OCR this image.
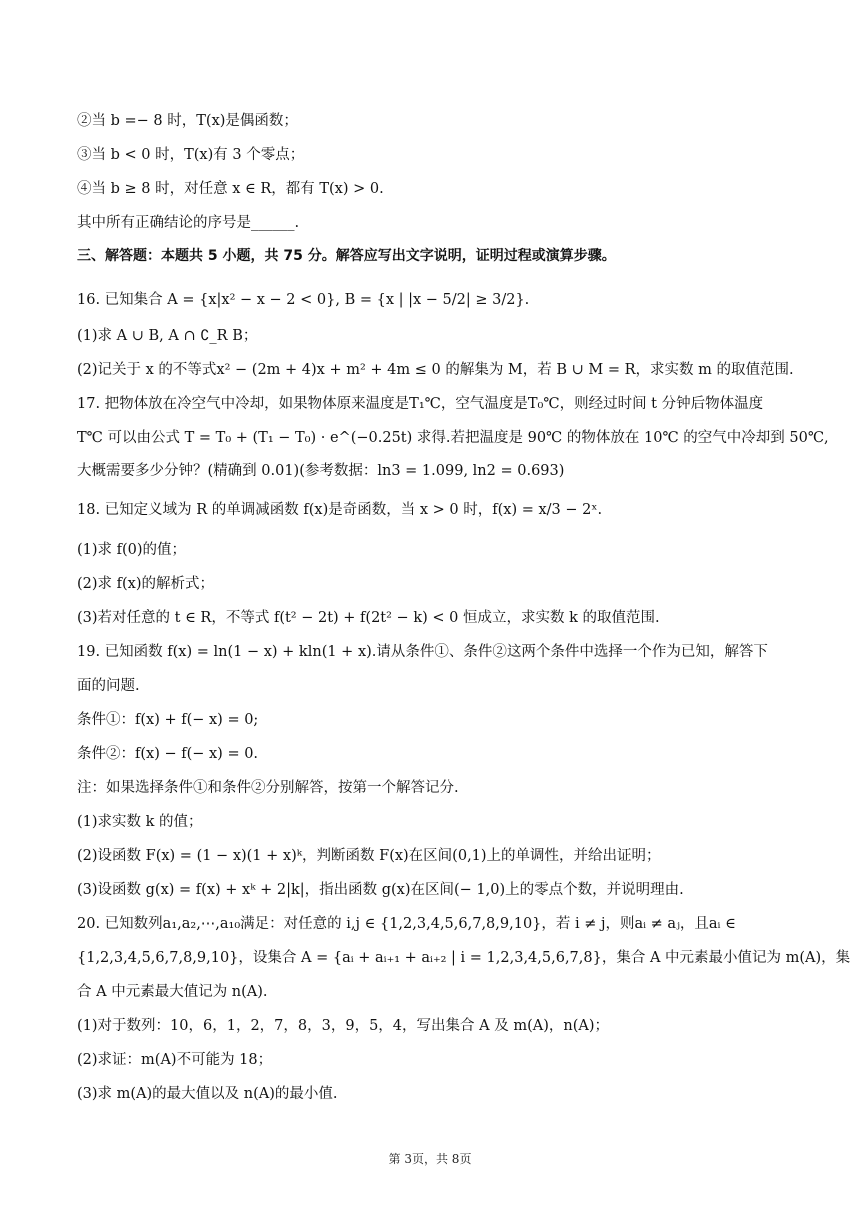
②当 b =− 8 时，T(x)是偶函数；
③当 b < 0 时，T(x)有 3 个零点；
④当 b ≥ 8 时，对任意 x ∈ R，都有 T(x) > 0.
其中所有正确结论的序号是______.
三、解答题：本题共 5 小题，共 75 分。解答应写出文字说明，证明过程或演算步骤。
16. 已知集合 A = {x|x² − x − 2 < 0}, B = {x | |x − 5/2| ≥ 3/2}.
(1)求 A ∪ B, A ∩ ∁_R B；
(2)记关于 x 的不等式x² − (2m + 4)x + m² + 4m ≤ 0 的解集为 M，若 B ∪ M = R，求实数 m 的取值范围.
17. 把物体放在冷空气中冷却，如果物体原来温度是T₁℃，空气温度是T₀℃，则经过时间 t 分钟后物体温度
T℃ 可以由公式 T = T₀ + (T₁ − T₀) · e^(−0.25t) 求得.若把温度是 90℃ 的物体放在 10℃ 的空气中冷却到 50℃,
大概需要多少分钟？(精确到 0.01)(参考数据：ln3 = 1.099, ln2 = 0.693)
18. 已知定义域为 R 的单调减函数 f(x)是奇函数，当 x > 0 时，f(x) = x/3 − 2ˣ.
(1)求 f(0)的值；
(2)求 f(x)的解析式；
(3)若对任意的 t ∈ R，不等式 f(t² − 2t) + f(2t² − k) < 0 恒成立，求实数 k 的取值范围.
19. 已知函数 f(x) = ln(1 − x) + kln(1 + x).请从条件①、条件②这两个条件中选择一个作为已知，解答下
面的问题.
条件①：f(x) + f(− x) = 0;
条件②：f(x) − f(− x) = 0.
注：如果选择条件①和条件②分别解答，按第一个解答记分.
(1)求实数 k 的值；
(2)设函数 F(x) = (1 − x)(1 + x)ᵏ，判断函数 F(x)在区间(0,1)上的单调性，并给出证明；
(3)设函数 g(x) = f(x) + xᵏ + 2|k|，指出函数 g(x)在区间(− 1,0)上的零点个数，并说明理由.
20. 已知数列a₁,a₂,⋯,a₁₀满足：对任意的 i,j ∈ {1,2,3,4,5,6,7,8,9,10}，若 i ≠ j，则aᵢ ≠ aⱼ，且aᵢ ∈
{1,2,3,4,5,6,7,8,9,10}，设集合 A = {aᵢ + aᵢ₊₁ + aᵢ₊₂ | i = 1,2,3,4,5,6,7,8}，集合 A 中元素最小值记为 m(A)，集
合 A 中元素最大值记为 n(A).
(1)对于数列：10，6，1，2，7，8，3，9，5，4，写出集合 A 及 m(A)，n(A)；
(2)求证：m(A)不可能为 18；
(3)求 m(A)的最大值以及 n(A)的最小值.
第 3页，共 8页
